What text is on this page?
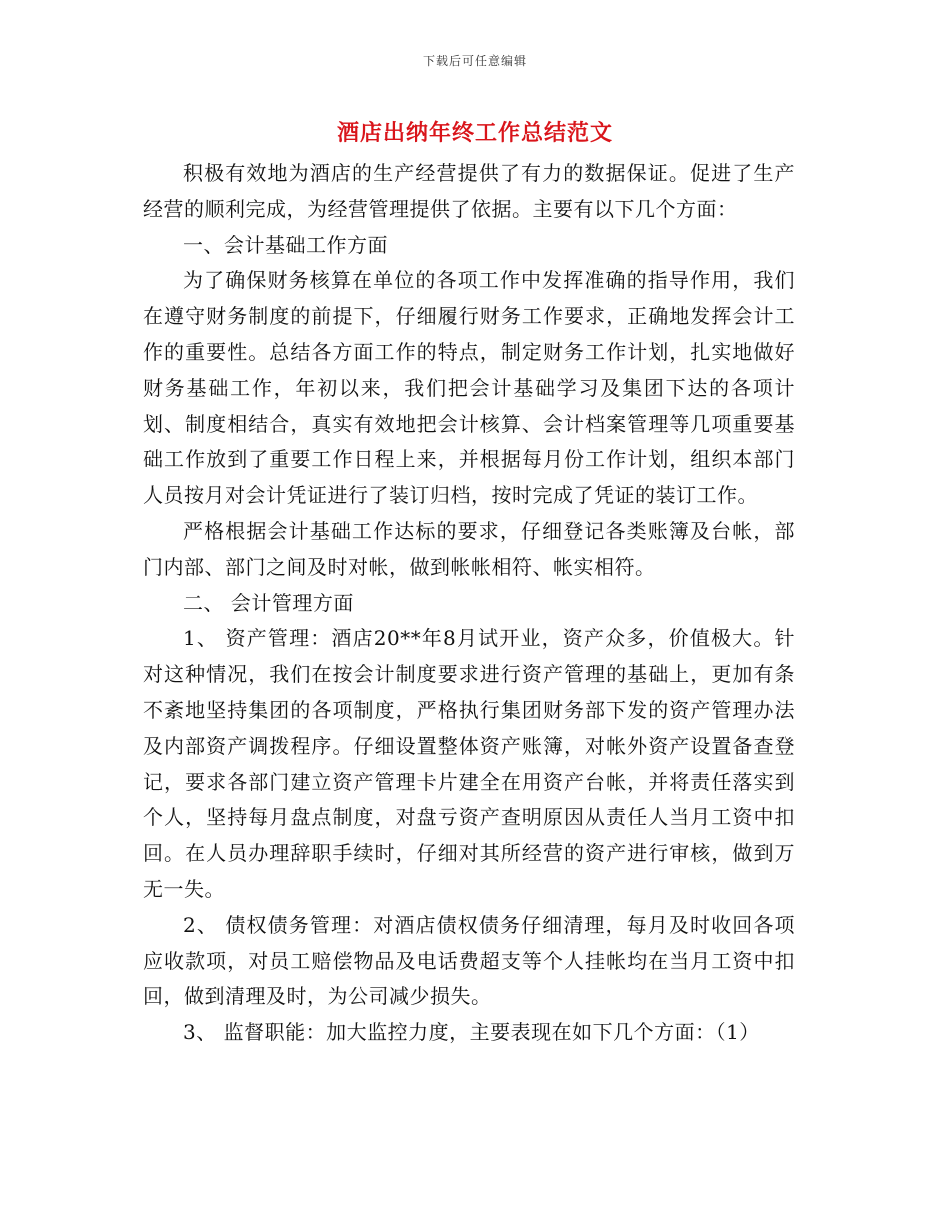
下载后可任意编辑
酒店出纳年终工作总结范文

积极有效地为酒店的生产经营提供了有力的数据保证。促进了生产经营的顺利完成，为经营管理提供了依据。主要有以下几个方面：

一、会计基础工作方面

为了确保财务核算在单位的各项工作中发挥准确的指导作用，我们在遵守财务制度的前提下，仔细履行财务工作要求，正确地发挥会计工作的重要性。总结各方面工作的特点，制定财务工作计划，扎实地做好财务基础工作，年初以来，我们把会计基础学习及集团下达的各项计划、制度相结合，真实有效地把会计核算、会计档案管理等几项重要基础工作放到了重要工作日程上来，并根据每月份工作计划，组织本部门人员按月对会计凭证进行了装订归档，按时完成了凭证的装订工作。

严格根据会计基础工作达标的要求，仔细登记各类账簿及台帐，部门内部、部门之间及时对帐，做到帐帐相符、帐实相符。

二、 会计管理方面

1、 资产管理：酒店20**年8月试开业，资产众多，价值极大。针对这种情况，我们在按会计制度要求进行资产管理的基础上，更加有条不紊地坚持集团的各项制度，严格执行集团财务部下发的资产管理办法及内部资产调拨程序。仔细设置整体资产账簿，对帐外资产设置备查登记，要求各部门建立资产管理卡片建全在用资产台帐，并将责任落实到个人，坚持每月盘点制度，对盘亏资产查明原因从责任人当月工资中扣回。在人员办理辞职手续时，仔细对其所经营的资产进行审核，做到万无一失。

2、 债权债务管理：对酒店债权债务仔细清理，每月及时收回各项应收款项，对员工赔偿物品及电话费超支等个人挂帐均在当月工资中扣回，做到清理及时，为公司减少损失。

3、 监督职能：加大监控力度，主要表现在如下几个方面：（1）
